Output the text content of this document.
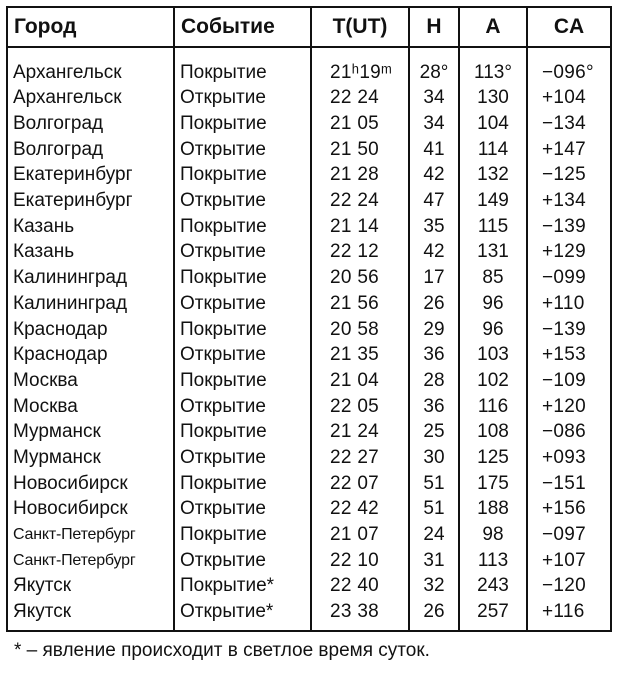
Город	Событие	T(UT)	H	A	CA
Архангельск	Покрытие	21ʰ19ᵐ	28°	113°	−096°
Архангельск	Открытие	22 24	34	130	+104
Волгоград	Покрытие	21 05	34	104	−134
Волгоград	Открытие	21 50	41	114	+147
Екатеринбург	Покрытие	21 28	42	132	−125
Екатеринбург	Открытие	22 24	47	149	+134
Казань	Покрытие	21 14	35	115	−139
Казань	Открытие	22 12	42	131	+129
Калининград	Покрытие	20 56	17	85	−099
Калининград	Открытие	21 56	26	96	+110
Краснодар	Покрытие	20 58	29	96	−139
Краснодар	Открытие	21 35	36	103	+153
Москва	Покрытие	21 04	28	102	−109
Москва	Открытие	22 05	36	116	+120
Мурманск	Покрытие	21 24	25	108	−086
Мурманск	Открытие	22 27	30	125	+093
Новосибирск	Покрытие	22 07	51	175	−151
Новосибирск	Открытие	22 42	51	188	+156
Санкт-Петербург	Покрытие	21 07	24	98	−097
Санкт-Петербург	Открытие	22 10	31	113	+107
Якутск	Покрытие*	22 40	32	243	−120
Якутск	Открытие*	23 38	26	257	+116
* – явление происходит в светлое время суток.
